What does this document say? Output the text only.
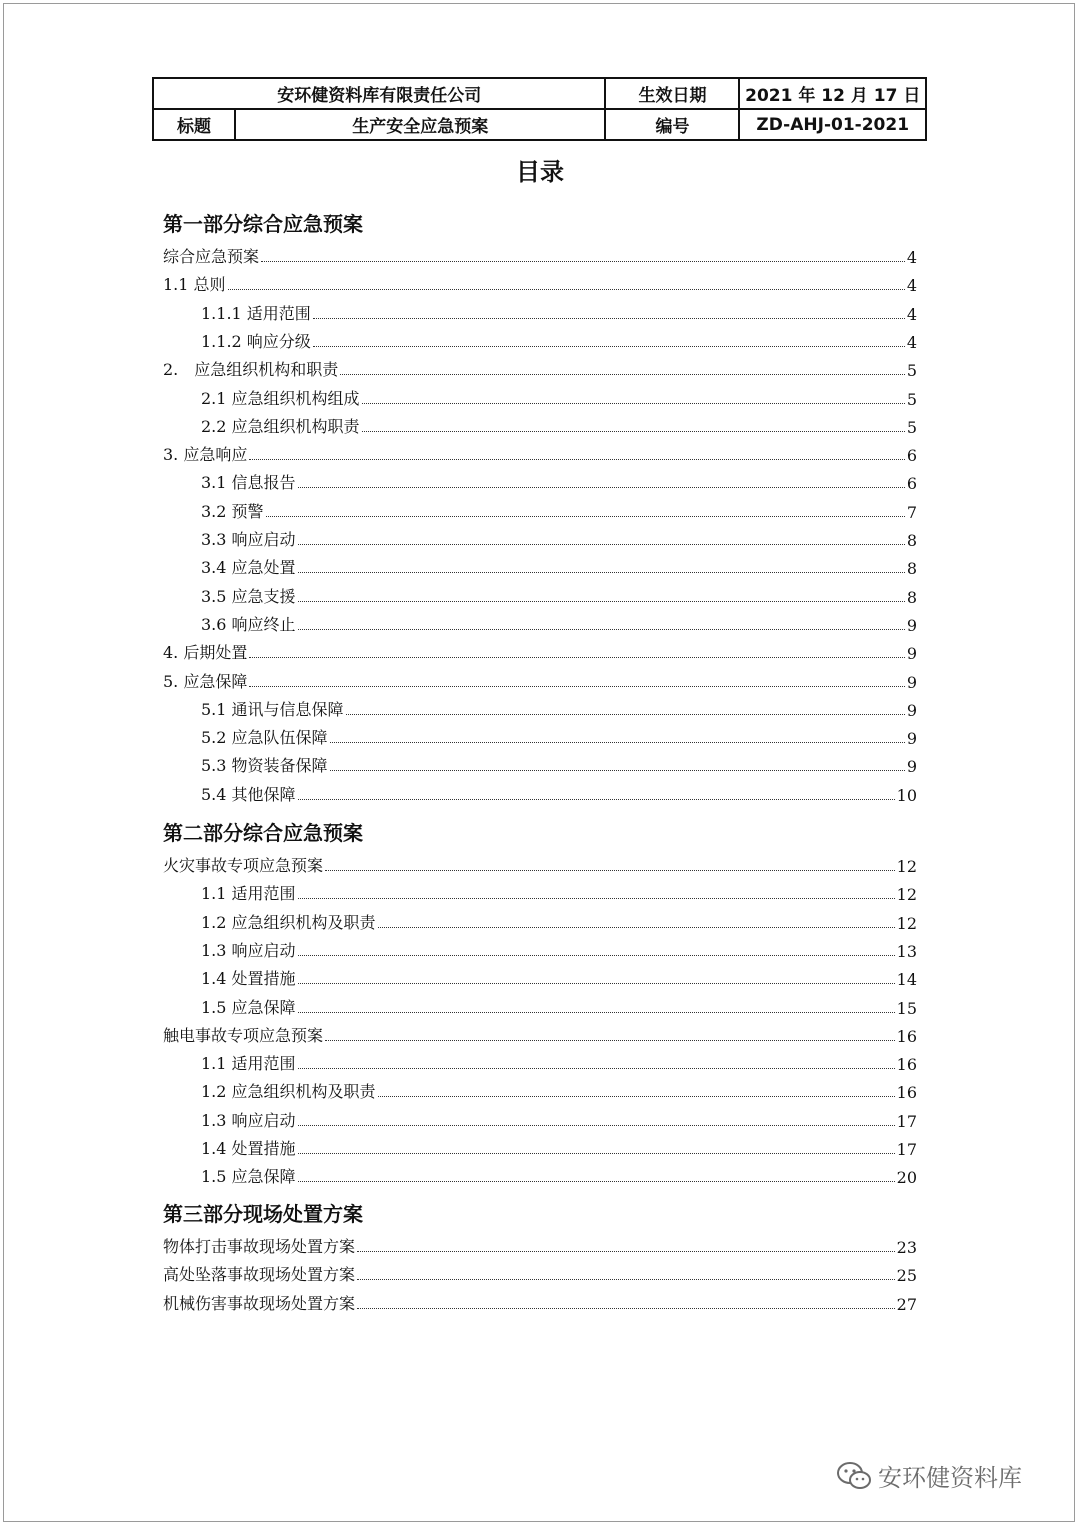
安环健资料库有限责任公司		生效日期	2021 年 12 月 17 日
标题	生产安全应急预案	编号	ZD-AHJ-01-2021
目录
第一部分综合应急预案
综合应急预案	4
1.1 总则	4
1.1.1 适用范围	4
1.1.2 响应分级	4
2.　应急组织机构和职责	5
2.1 应急组织机构组成	5
2.2 应急组织机构职责	5
3. 应急响应	6
3.1 信息报告	6
3.2 预警	7
3.3 响应启动	8
3.4 应急处置	8
3.5 应急支援	8
3.6 响应终止	9
4. 后期处置	9
5. 应急保障	9
5.1 通讯与信息保障	9
5.2 应急队伍保障	9
5.3 物资装备保障	9
5.4 其他保障	10
第二部分综合应急预案
火灾事故专项应急预案	12
1.1 适用范围	12
1.2 应急组织机构及职责	12
1.3 响应启动	13
1.4 处置措施	14
1.5 应急保障	15
触电事故专项应急预案	16
1.1 适用范围	16
1.2 应急组织机构及职责	16
1.3 响应启动	17
1.4 处置措施	17
1.5 应急保障	20
第三部分现场处置方案
物体打击事故现场处置方案	23
高处坠落事故现场处置方案	25
机械伤害事故现场处置方案	27
安环健资料库
